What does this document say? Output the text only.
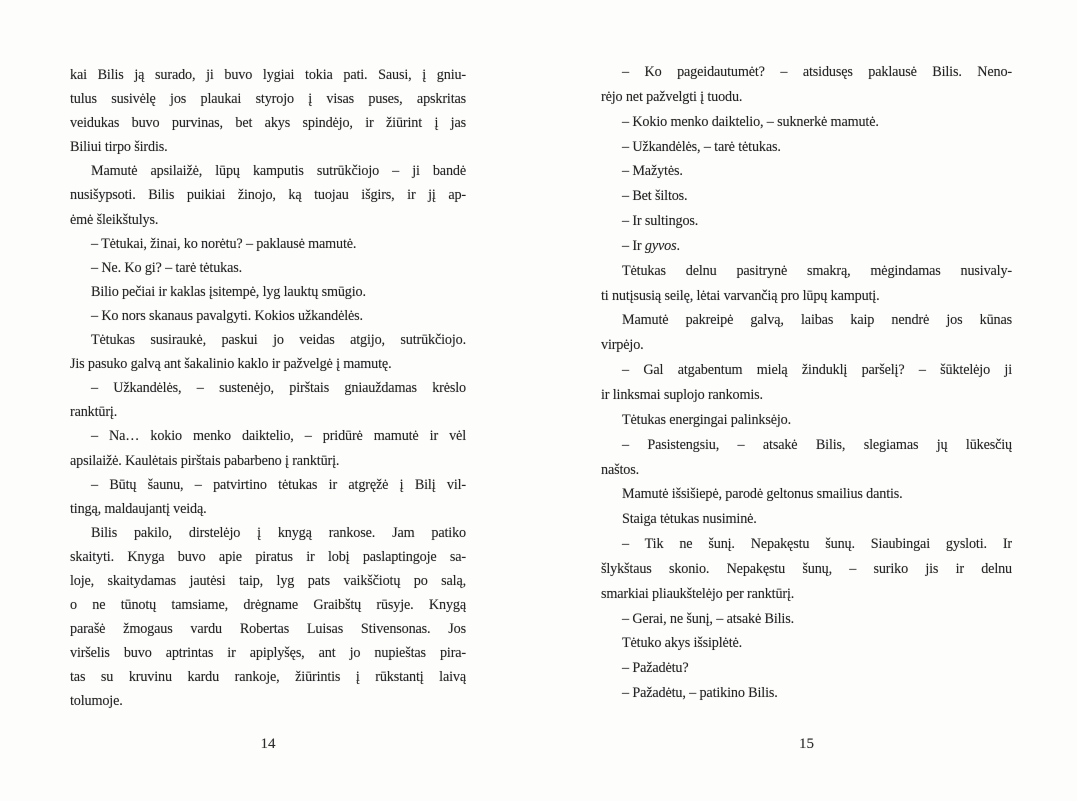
kai Bilis ją surado, ji buvo lygiai tokia pati. Sausi, į gniu-
tulus susivėlę jos plaukai styrojo į visas puses, apskritas
veidukas buvo purvinas, bet akys spindėjo, ir žiūrint į jas
Biliui tirpo širdis.
Mamutė apsilaižė, lūpų kamputis sutrūkčiojo – ji bandė
nusišypsoti. Bilis puikiai žinojo, ką tuojau išgirs, ir jį ap-
ėmė šleikštulys.
– Tėtukai, žinai, ko norėtu? – paklausė mamutė.
– Ne. Ko gi? – tarė tėtukas.
Bilio pečiai ir kaklas įsitempė, lyg lauktų smūgio.
– Ko nors skanaus pavalgyti. Kokios užkandėlės.
Tėtukas susiraukė, paskui jo veidas atgijo, sutrūkčiojo.
Jis pasuko galvą ant šakalinio kaklo ir pažvelgė į mamutę.
– Užkandėlės, – sustenėjo, pirštais gniauždamas krėslo
ranktūrį.
– Na… kokio menko daiktelio, – pridūrė mamutė ir vėl
apsilaižė. Kaulėtais pirštais pabarbeno į ranktūrį.
– Būtų šaunu, – patvirtino tėtukas ir atgręžė į Bilį vil-
tingą, maldaujantį veidą.
Bilis pakilo, dirstelėjo į knygą rankose. Jam patiko
skaityti. Knyga buvo apie piratus ir lobį paslaptingoje sa-
loje, skaitydamas jautėsi taip, lyg pats vaikščiotų po salą,
o ne tūnotų tamsiame, drėgname Graibštų rūsyje. Knygą
parašė žmogaus vardu Robertas Luisas Stivensonas. Jos
viršelis buvo aptrintas ir apiplyšęs, ant jo nupieštas pira-
tas su kruvinu kardu rankoje, žiūrintis į rūkstantį laivą
tolumoje.
– Ko pageidautumėt? – atsidusęs paklausė Bilis. Neno-
rėjo net pažvelgti į tuodu.
– Kokio menko daiktelio, – suknerkė mamutė.
– Užkandėlės, – tarė tėtukas.
– Mažytės.
– Bet šiltos.
– Ir sultingos.
– Ir gyvos.
Tėtukas delnu pasitrynė smakrą, mėgindamas nusivaly-
ti nutįsusią seilę, lėtai varvančią pro lūpų kamputį.
Mamutė pakreipė galvą, laibas kaip nendrė jos kūnas
virpėjo.
– Gal atgabentum mielą žinduklį paršelį? – šūktelėjo ji
ir linksmai suplojo rankomis.
Tėtukas energingai palinksėjo.
– Pasistengsiu, – atsakė Bilis, slegiamas jų lūkesčių
naštos.
Mamutė išsišiepė, parodė geltonus smailius dantis.
Staiga tėtukas nusiminė.
– Tik ne šunį. Nepakęstu šunų. Siaubingai gysloti. Ir
šlykštaus skonio. Nepakęstu šunų, – suriko jis ir delnu
smarkiai pliaukštelėjo per ranktūrį.
– Gerai, ne šunį, – atsakė Bilis.
Tėtuko akys išsiplėtė.
– Pažadėtu?
– Pažadėtu, – patikino Bilis.
14	15
